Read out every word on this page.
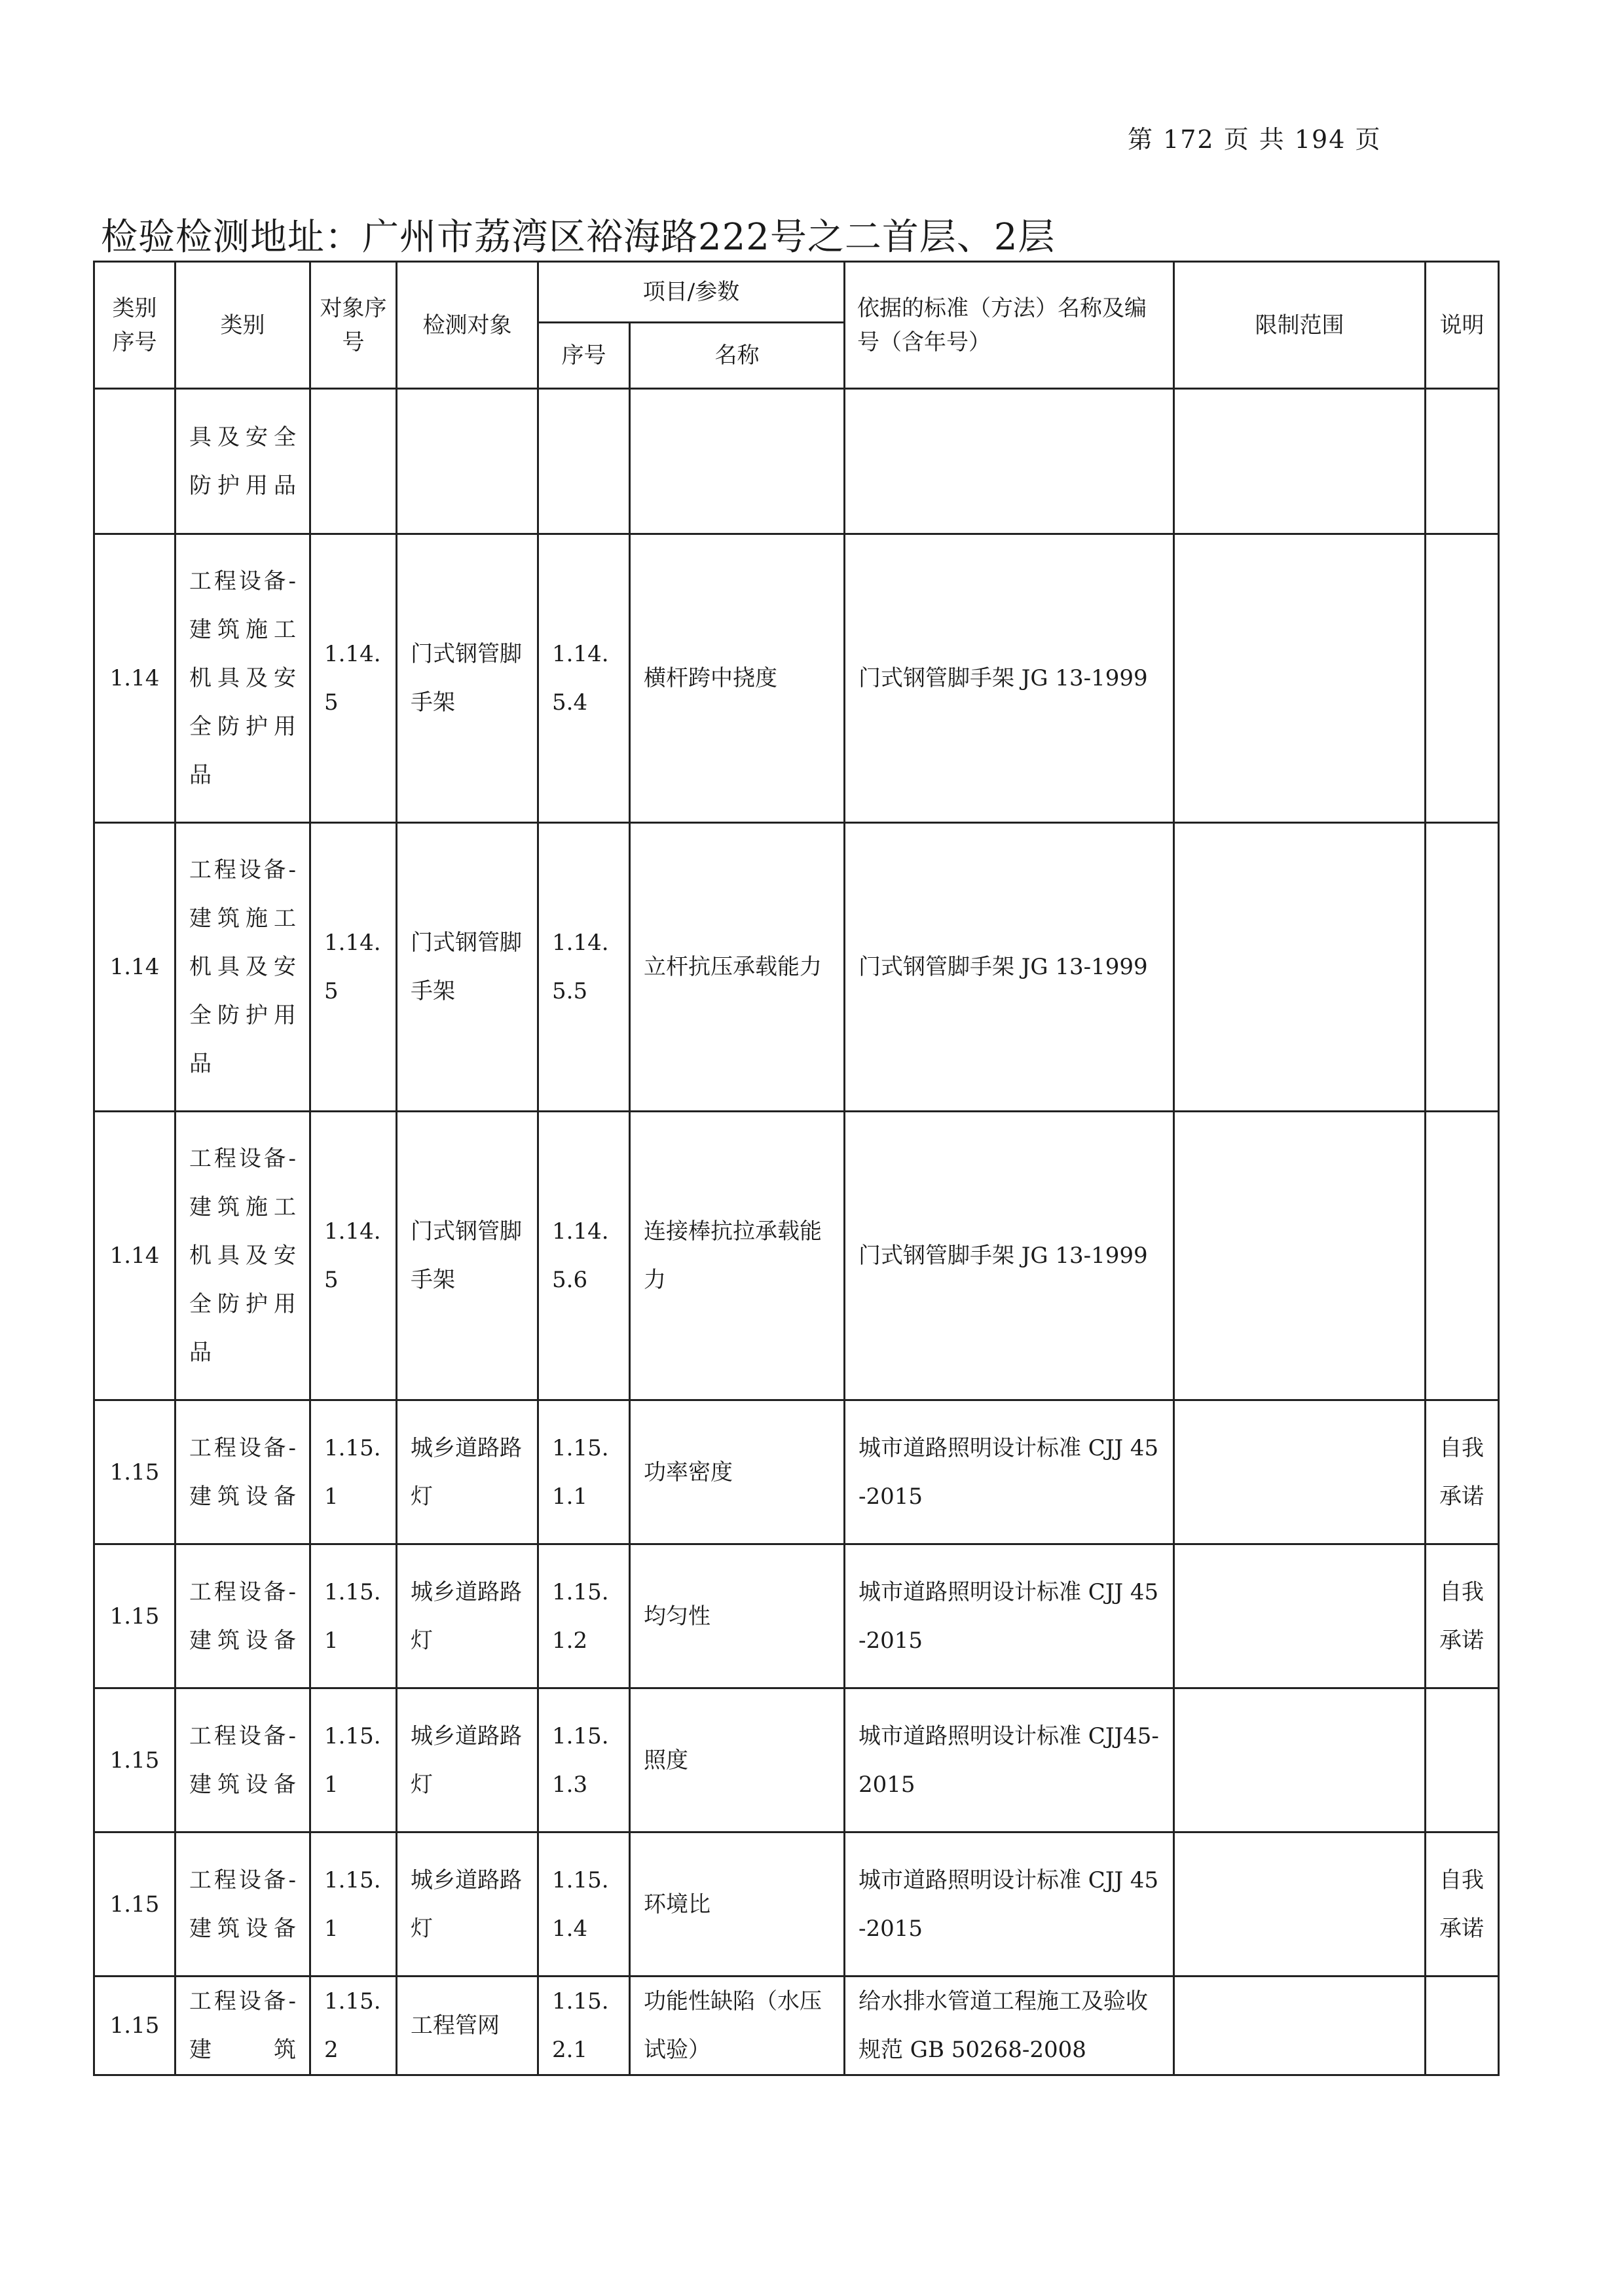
第 172 页 共 194 页
检验检测地址：广州市荔湾区裕海路222号之二首层、2层
类别序号	类别	对象序号	检测对象	项目/参数		依据的标准（方法）名称及编号（含年号）	限制范围	说明
				序号	名称			
	具及安全防护用品							
1.14	工程设备-建筑施工机具及安全防护用品	1.14.5	门式钢管脚手架	1.14.5.4	横杆跨中挠度	门式钢管脚手架 JG 13-1999		
1.14	工程设备-建筑施工机具及安全防护用品	1.14.5	门式钢管脚手架	1.14.5.5	立杆抗压承载能力	门式钢管脚手架 JG 13-1999		
1.14	工程设备-建筑施工机具及安全防护用品	1.14.5	门式钢管脚手架	1.14.5.6	连接棒抗拉承载能力	门式钢管脚手架 JG 13-1999		
1.15	工程设备-建筑设备	1.15.1	城乡道路路灯	1.15.1.1	功率密度	城市道路照明设计标准 CJJ 45-2015		自我承诺
1.15	工程设备-建筑设备	1.15.1	城乡道路路灯	1.15.1.2	均匀性	城市道路照明设计标准 CJJ 45-2015		自我承诺
1.15	工程设备-建筑设备	1.15.1	城乡道路路灯	1.15.1.3	照度	城市道路照明设计标准 CJJ45-2015		
1.15	工程设备-建筑设备	1.15.1	城乡道路路灯	1.15.1.4	环境比	城市道路照明设计标准 CJJ 45-2015		自我承诺
1.15	工程设备-建筑	1.15.2	工程管网	1.15.2.1	功能性缺陷（水压试验）	给水排水管道工程施工及验收规范 GB 50268-2008		
